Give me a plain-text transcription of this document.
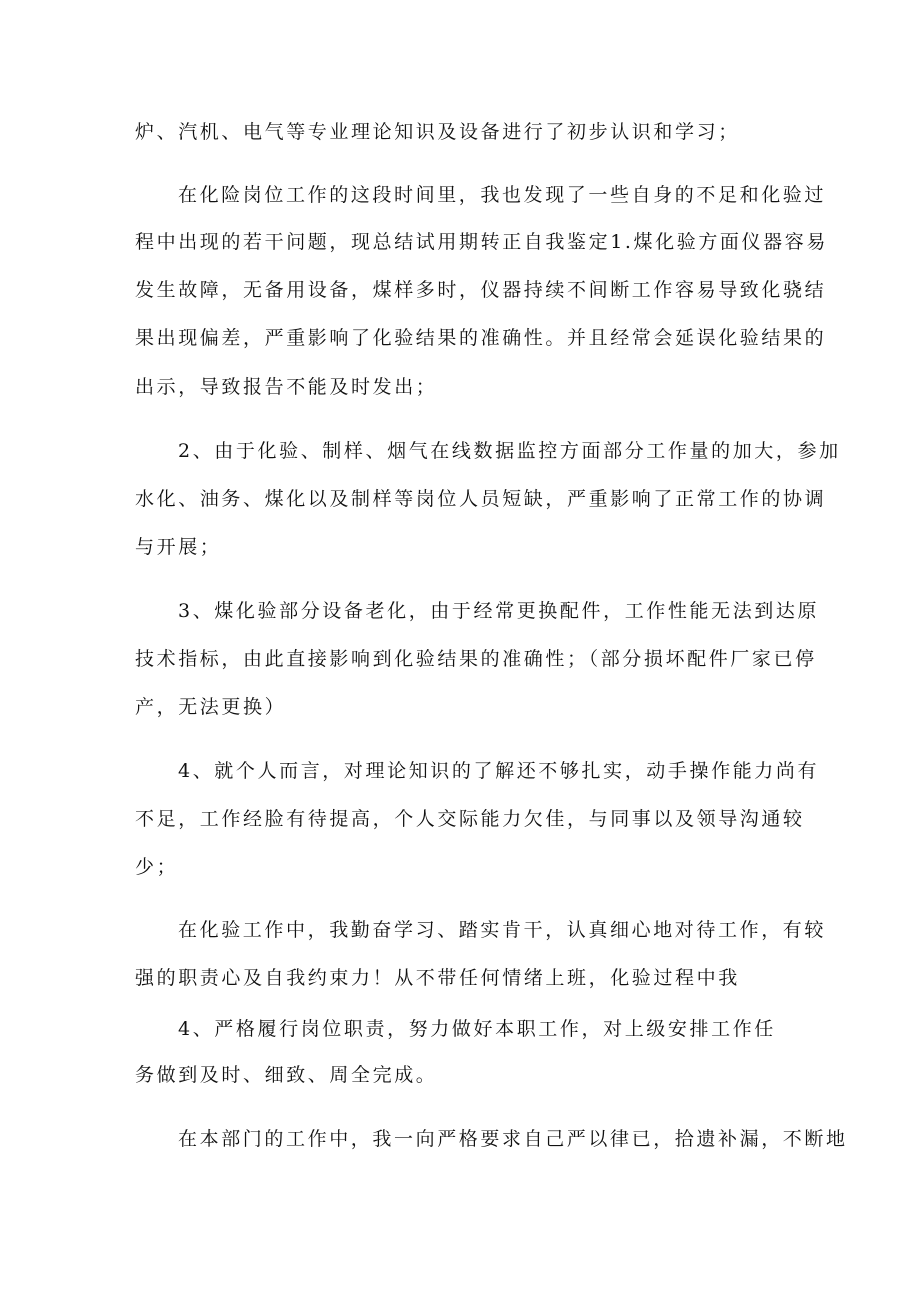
炉、汽机、电气等专业理论知识及设备进行了初步认识和学习；
在化险岗位工作的这段时间里，我也发现了一些自身的不足和化验过
程中出现的若干问题，现总结试用期转正自我鉴定1.煤化验方面仪器容易
发生故障，无备用设备，煤样多时，仪器持续不间断工作容易导致化骁结
果出现偏差，严重影响了化验结果的准确性。并且经常会延误化验结果的
出示，导致报告不能及时发出；
2、由于化验、制样、烟气在线数据监控方面部分工作量的加大，参加
水化、油务、煤化以及制样等岗位人员短缺，严重影响了正常工作的协调
与开展；
3、煤化验部分设备老化，由于经常更换配件，工作性能无法到达原
技术指标，由此直接影响到化验结果的准确性；（部分损坏配件厂家已停
产，无法更换）
4、就个人而言，对理论知识的了解还不够扎实，动手操作能力尚有
不足，工作经脸有待提高，个人交际能力欠佳，与同事以及领导沟通较
少；
在化验工作中，我勤奋学习、踏实肯干，认真细心地对待工作，有较
强的职责心及自我约束力！从不带任何情绪上班，化验过程中我
4、严格履行岗位职责，努力做好本职工作，对上级安排工作任
务做到及时、细致、周全完成。
在本部门的工作中，我一向严格要求自己严以律已，拾遗补漏，不断地
